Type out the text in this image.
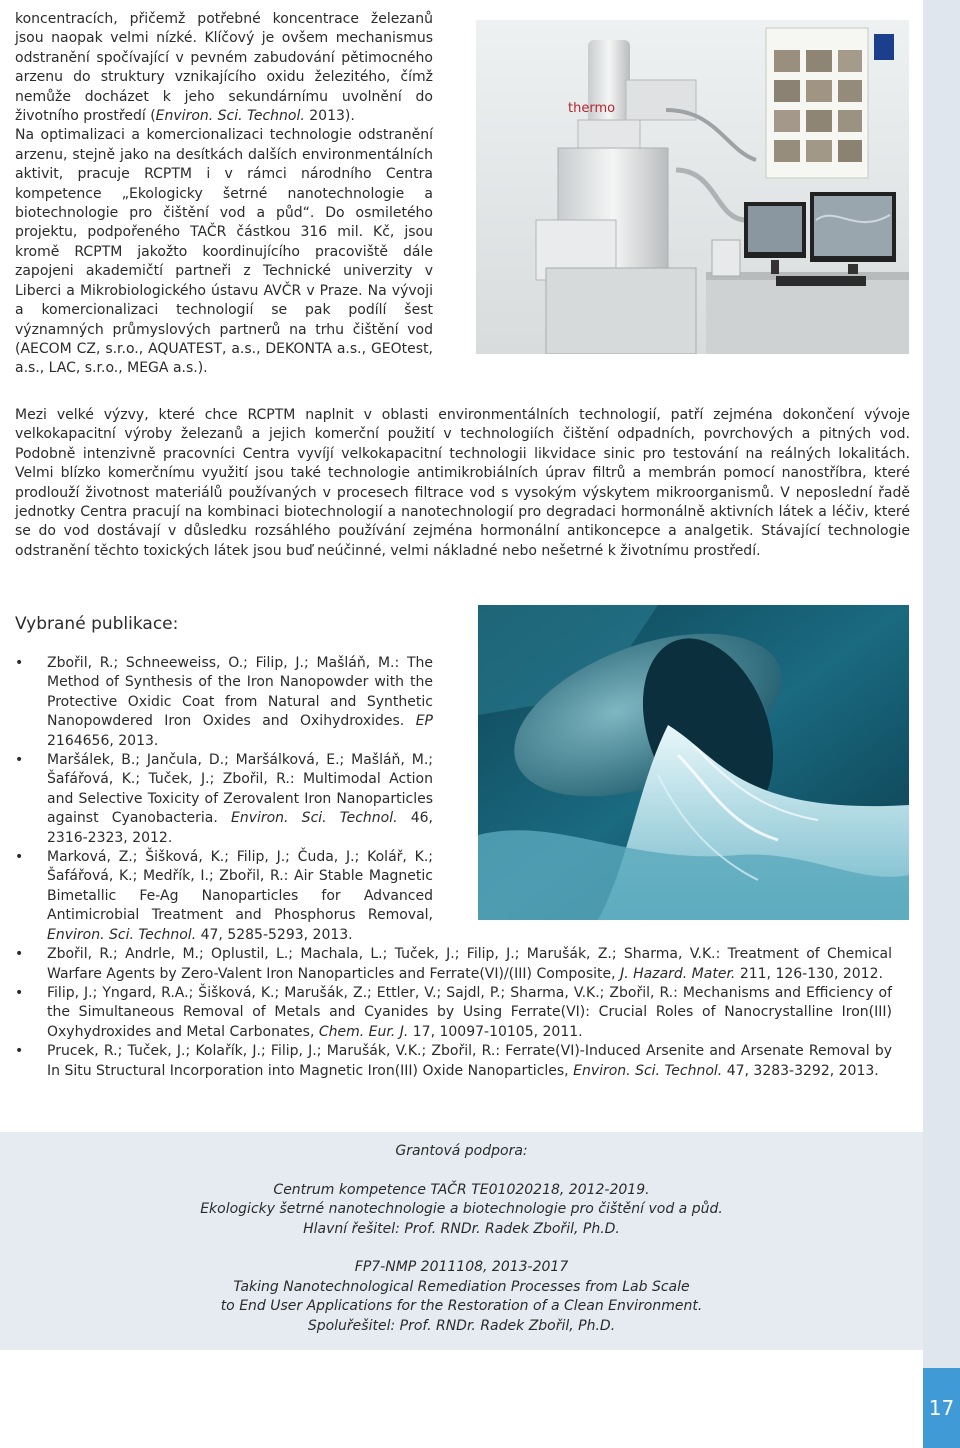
17

koncentracích, přičemž potřebné koncentrace železanů jsou naopak velmi nízké. Klíčový je ovšem mechanismus odstranění spočívající v pevném zabudování pětimocného arzenu do struktury vznikajícího oxidu železitého, čímž nemůže docházet k jeho sekundárnímu uvolnění do životního prostředí (Environ. Sci. Technol. 2013).

Na optimalizaci a komercionalizaci technologie odstranění arzenu, stejně jako na desítkách dalších environmentálních aktivit, pracuje RCPTM i v rámci národního Centra kompetence „Ekologicky šetrné nanotechnologie a biotechnologie pro čištění vod a půd“. Do osmiletého projektu, podpořeného TAČR částkou 316 mil. Kč, jsou kromě RCPTM jakožto koordinujícího pracoviště dále zapojeni akademičtí partneři z Technické univerzity v Liberci a Mikrobiologického ústavu AVČR v Praze. Na vývoji a komercionalizaci technologií se pak podílí šest významných průmyslových partnerů na trhu čištění vod (AECOM CZ, s.r.o., AQUATEST, a.s., DEKONTA a.s., GEOtest, a.s., LAC, s.r.o., MEGA a.s.).

thermo
Mezi velké výzvy, které chce RCPTM naplnit v oblasti environmentálních technologií, patří zejména dokončení vývoje velkokapacitní výroby železanů a jejich komerční použití v technologiích čištění odpadních, povrchových a pitných vod. Podobně intenzivně pracovníci Centra vyvíjí velkokapacitní technologii likvidace sinic pro testování na reálných lokalitách. Velmi blízko komerčnímu využití jsou také technologie antimikrobiálních úprav filtrů a membrán pomocí nanostříbra, které prodlouží životnost materiálů používaných v procesech filtrace vod s vysokým výskytem mikroorganismů. V neposlední řadě jednotky Centra pracují na kombinaci biotechnologií a nanotechnologií pro degradaci hormonálně aktivních látek a léčiv, které se do vod dostávají v důsledku rozsáhlého používání zejména hormonální antikoncepce a analgetik. Stávající technologie odstranění těchto toxických látek jsou buď neúčinné, velmi nákladné nebo nešetrné k životnímu prostředí.
Vybrané publikace:
• Zbořil, R.; Schneeweiss, O.; Filip, J.; Mašláň, M.: The Method of Synthesis of the Iron Nanopowder with the Protective Oxidic Coat from Natural and Synthetic Nanopowdered Iron Oxides and Oxihydroxides. EP 2164656, 2013.
• Maršálek, B.; Jančula, D.; Maršálková, E.; Mašláň, M.; Šafářová, K.; Tuček, J.; Zbořil, R.: Multimodal Action and Selective Toxicity of Zerovalent Iron Nanoparticles against Cyanobacteria. Environ. Sci. Technol. 46, 2316-2323, 2012.
• Marková, Z.; Šišková, K.; Filip, J.; Čuda, J.; Kolář, K.; Šafářová, K.; Medřík, I.; Zbořil, R.: Air Stable Magnetic Bimetallic Fe-Ag Nanoparticles for Advanced Antimicrobial Treatment and Phosphorus Removal, Environ. Sci. Technol. 47, 5285-5293, 2013.
• Zbořil, R.; Andrle, M.; Oplustil, L.; Machala, L.; Tuček, J.; Filip, J.; Marušák, Z.; Sharma, V.K.: Treatment of Chemical Warfare Agents by Zero-Valent Iron Nanoparticles and Ferrate(VI)/(III) Composite, J. Hazard. Mater. 211, 126-130, 2012.
• Filip, J.; Yngard, R.A.; Šišková, K.; Marušák, Z.; Ettler, V.; Sajdl, P.; Sharma, V.K.; Zbořil, R.: Mechanisms and Efficiency of the Simultaneous Removal of Metals and Cyanides by Using Ferrate(VI): Crucial Roles of Nanocrystalline Iron(III) Oxyhydroxides and Metal Carbonates, Chem. Eur. J. 17, 10097-10105, 2011.
• Prucek, R.; Tuček, J.; Kolařík, J.; Filip, J.; Marušák, V.K.; Zbořil, R.: Ferrate(VI)-Induced Arsenite and Arsenate Removal by In Situ Structural Incorporation into Magnetic Iron(III) Oxide Nanoparticles, Environ. Sci. Technol. 47, 3283-3292, 2013.
Grantová podpora:
Centrum kompetence TAČR TE01020218, 2012-2019.
Ekologicky šetrné nanotechnologie a biotechnologie pro čištění vod a půd.
Hlavní řešitel: Prof. RNDr. Radek Zbořil, Ph.D.
FP7-NMP 2011108, 2013-2017
Taking Nanotechnological Remediation Processes from Lab Scale
to End User Applications for the Restoration of a Clean Environment.
Spoluřešitel: Prof. RNDr. Radek Zbořil, Ph.D.
